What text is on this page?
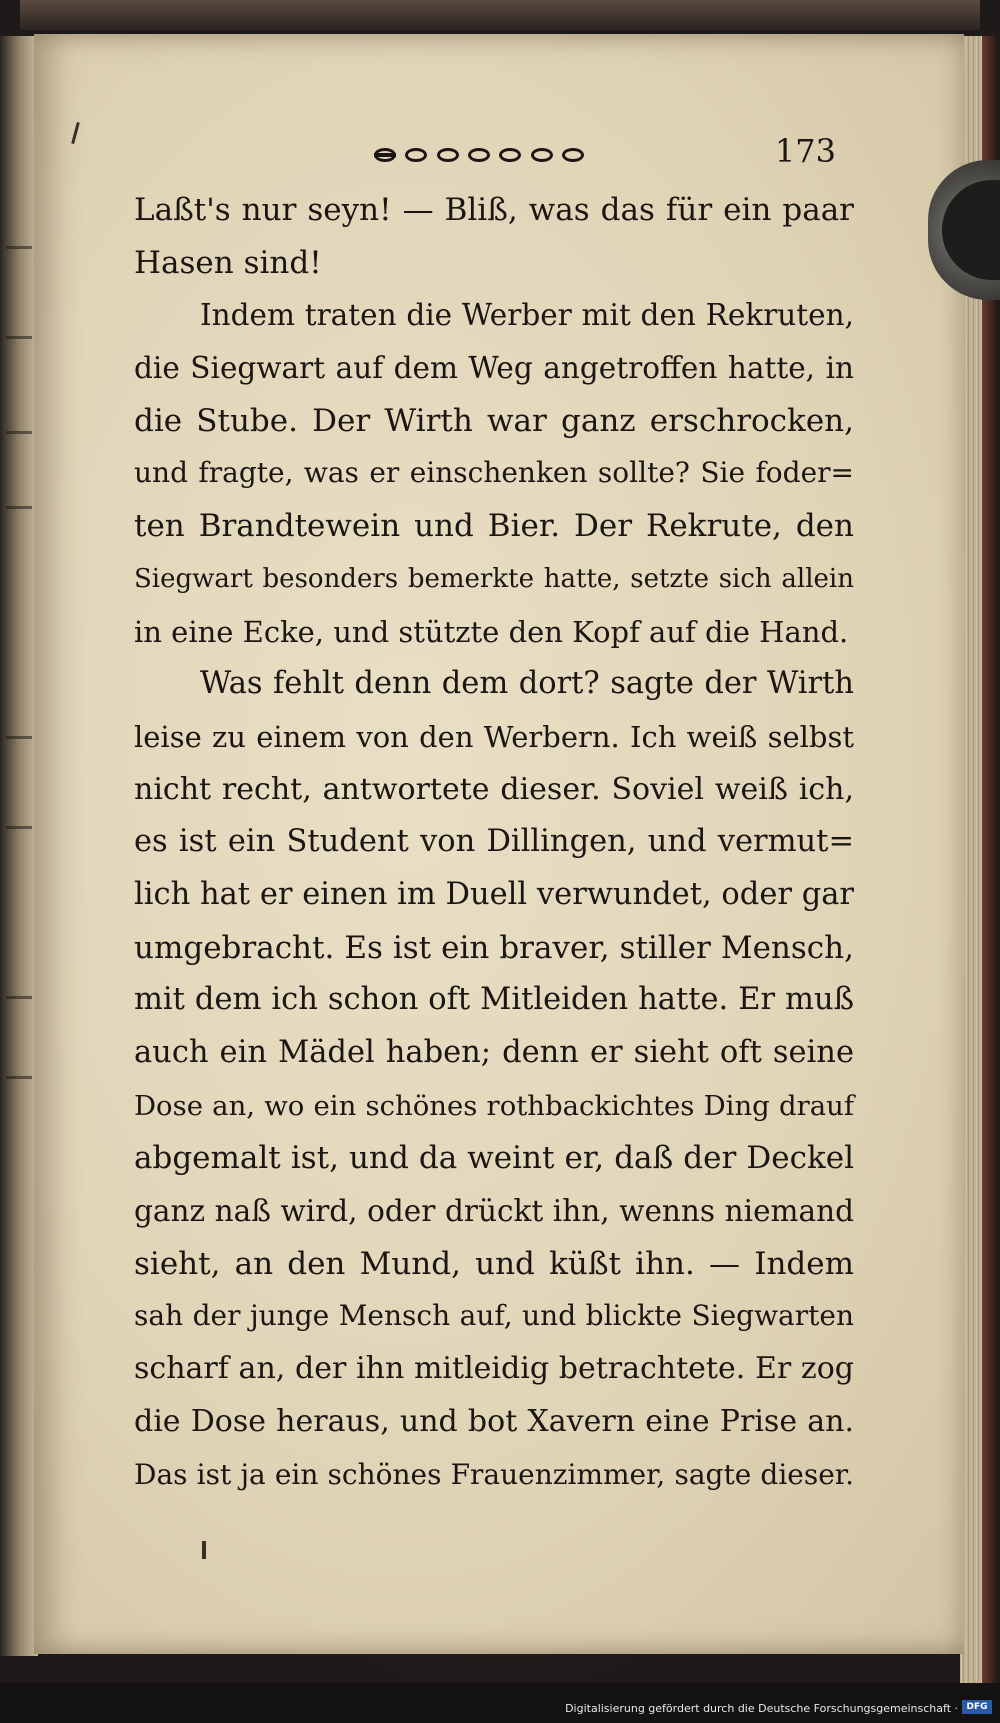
173
Laßt's nur seyn! — Bliß, was das für ein paar
Hasen sind!
Indem traten die Werber mit den Rekruten,
die Siegwart auf dem Weg angetroffen hatte, in
die Stube. Der Wirth war ganz erschrocken,
und fragte, was er einschenken sollte? Sie foder=
ten Brandtewein und Bier. Der Rekrute, den
Siegwart besonders bemerkte hatte, setzte sich allein
in eine Ecke, und stützte den Kopf auf die Hand.
Was fehlt denn dem dort? sagte der Wirth
leise zu einem von den Werbern. Ich weiß selbst
nicht recht, antwortete dieser. Soviel weiß ich,
es ist ein Student von Dillingen, und vermut=
lich hat er einen im Duell verwundet, oder gar
umgebracht. Es ist ein braver, stiller Mensch,
mit dem ich schon oft Mitleiden hatte. Er muß
auch ein Mädel haben; denn er sieht oft seine
Dose an, wo ein schönes rothbackichtes Ding drauf
abgemalt ist, und da weint er, daß der Deckel
ganz naß wird, oder drückt ihn, wenns niemand
sieht, an den Mund, und küßt ihn. — Indem
sah der junge Mensch auf, und blickte Siegwarten
scharf an, der ihn mitleidig betrachtete. Er zog
die Dose heraus, und bot Xavern eine Prise an.
Das ist ja ein schönes Frauenzimmer, sagte dieser.
Digitalisierung gefördert durch die Deutsche Forschungsgemeinschaft · DFG
